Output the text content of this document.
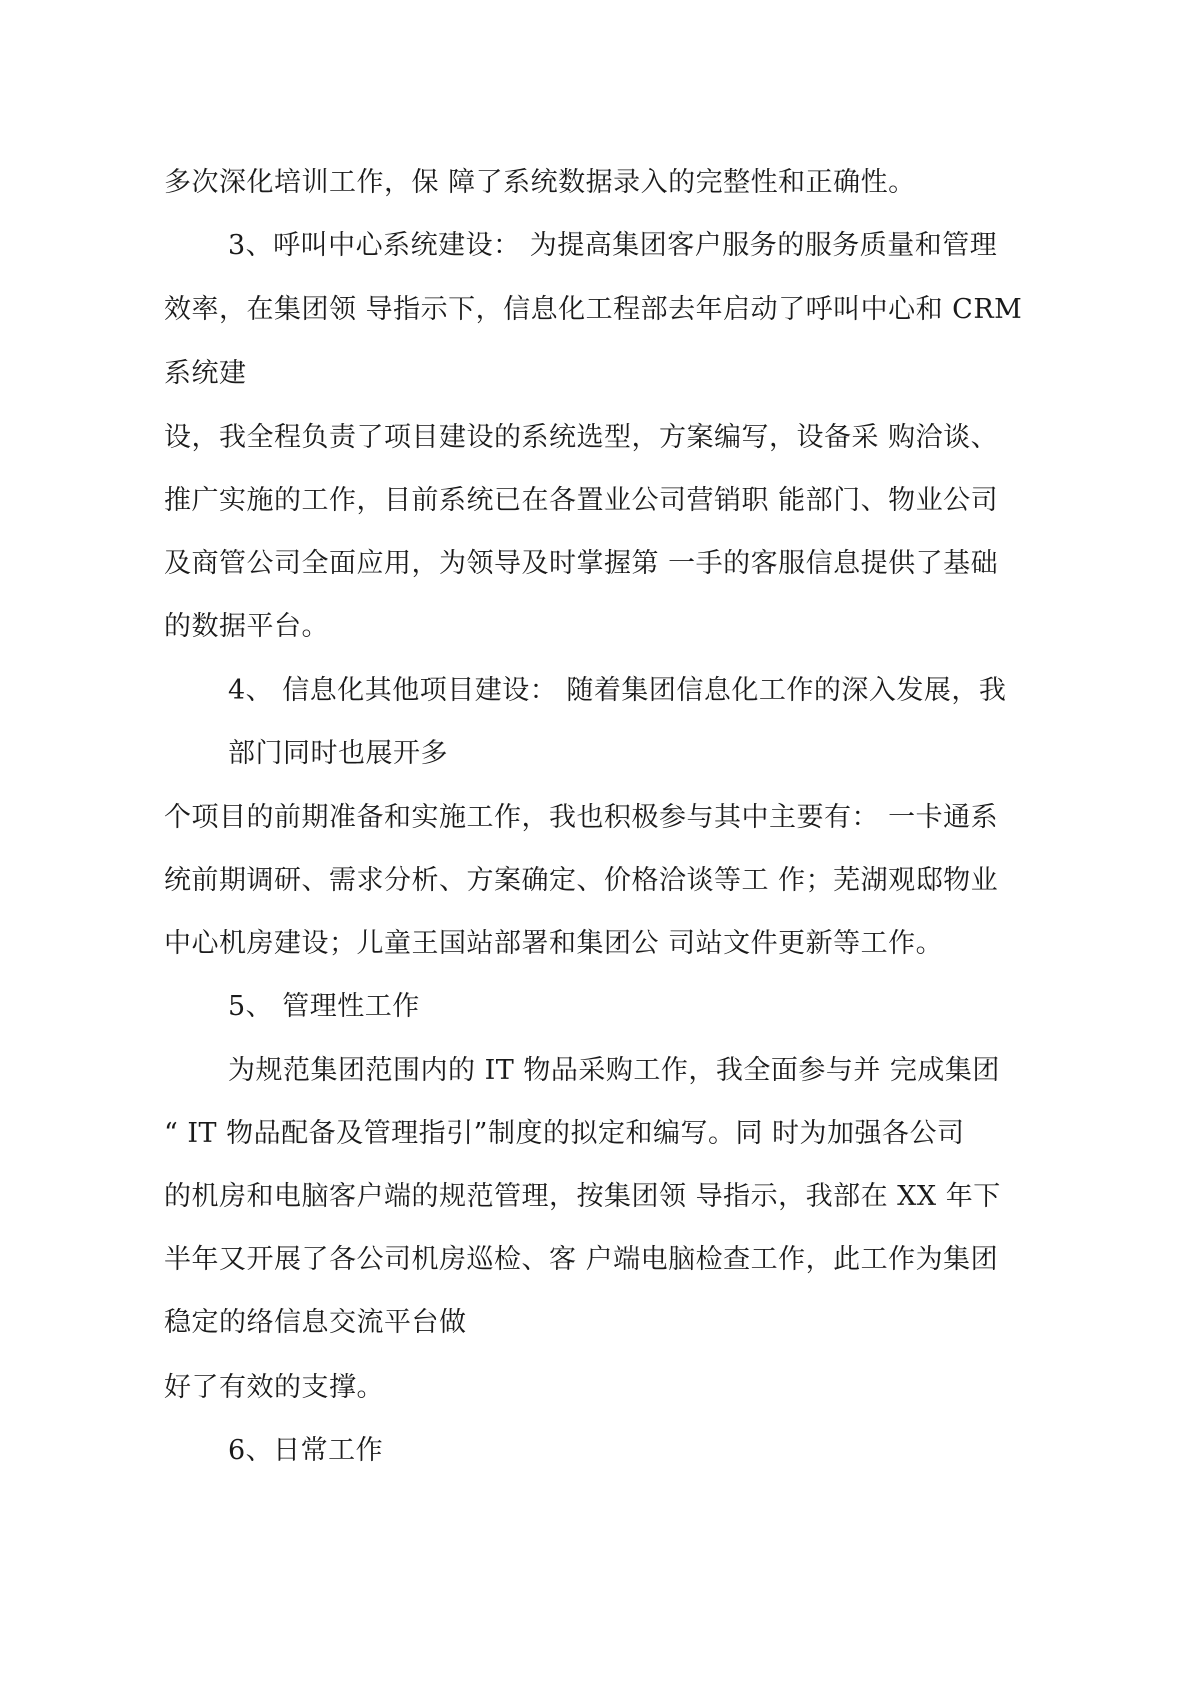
多次深化培训工作，保 障了系统数据录入的完整性和正确性。
3、呼叫中心系统建设： 为提高集团客户服务的服务质量和管理
效率，在集团领 导指示下，信息化工程部去年启动了呼叫中心和 CRM
系统建
设，我全程负责了项目建设的系统选型，方案编写，设备采 购洽谈、
推广实施的工作，目前系统已在各置业公司营销职 能部门、物业公司
及商管公司全面应用，为领导及时掌握第 一手的客服信息提供了基础
的数据平台。
4、 信息化其他项目建设： 随着集团信息化工作的深入发展，我
部门同时也展开多
个项目的前期准备和实施工作，我也积极参与其中主要有： 一卡通系
统前期调研、需求分析、方案确定、价格洽谈等工 作；芜湖观邸物业
中心机房建设；儿童王国站部署和集团公 司站文件更新等工作。
5、 管理性工作
为规范集团范围内的 IT 物品采购工作，我全面参与并 完成集团
“ IT 物品配备及管理指引”制度的拟定和编写。同 时为加强各公司
的机房和电脑客户端的规范管理，按集团领 导指示，我部在 XX 年下
半年又开展了各公司机房巡检、客 户端电脑检查工作，此工作为集团
稳定的络信息交流平台做
好了有效的支撑。
6、日常工作
